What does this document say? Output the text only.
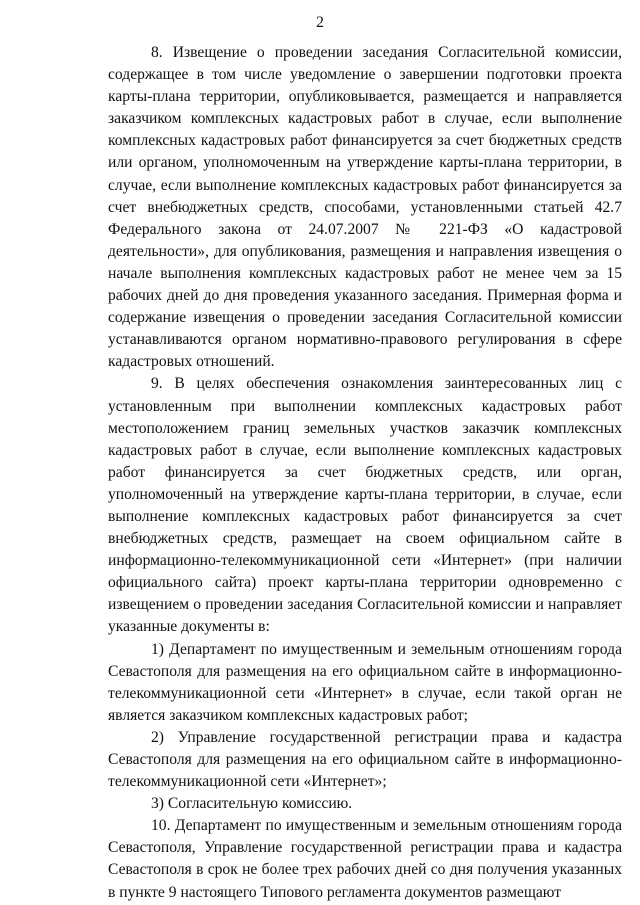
2

8. Извещение о проведении заседания Согласительной комиссии, содержащее в том числе уведомление о завершении подготовки проекта карты-плана территории, опубликовывается, размещается и направляется заказчиком комплексных кадастровых работ в случае, если выполнение комплексных кадастровых работ финансируется за счет бюджетных средств или органом, уполномоченным на утверждение карты-плана территории, в случае, если выполнение комплексных кадастровых работ финансируется за счет внебюджетных средств, способами, установленными статьей 42.7 Федерального закона от 24.07.2007 № 221-ФЗ «О кадастровой деятельности», для опубликования, размещения и направления извещения о начале выполнения комплексных кадастровых работ не менее чем за 15 рабочих дней до дня проведения указанного заседания. Примерная форма и содержание извещения о проведении заседания Согласительной комиссии устанавливаются органом нормативно-правового регулирования в сфере кадастровых отношений.

9. В целях обеспечения ознакомления заинтересованных лиц с установленным при выполнении комплексных кадастровых работ местоположением границ земельных участков заказчик комплексных кадастровых работ в случае, если выполнение комплексных кадастровых работ финансируется за счет бюджетных средств, или орган, уполномоченный на утверждение карты-плана территории, в случае, если выполнение комплексных кадастровых работ финансируется за счет внебюджетных средств, размещает на своем официальном сайте в информационно-телекоммуникационной сети «Интернет» (при наличии официального сайта) проект карты-плана территории одновременно с извещением о проведении заседания Согласительной комиссии и направляет указанные документы в:

1) Департамент по имущественным и земельным отношениям города Севастополя для размещения на его официальном сайте в информационно-телекоммуникационной сети «Интернет» в случае, если такой орган не является заказчиком комплексных кадастровых работ;

2) Управление государственной регистрации права и кадастра Севастополя для размещения на его официальном сайте в информационно-телекоммуникационной сети «Интернет»;

3) Согласительную комиссию.

10. Департамент по имущественным и земельным отношениям города Севастополя, Управление государственной регистрации права и кадастра Севастополя в срок не более трех рабочих дней со дня получения указанных в пункте 9 настоящего Типового регламента документов размещают
